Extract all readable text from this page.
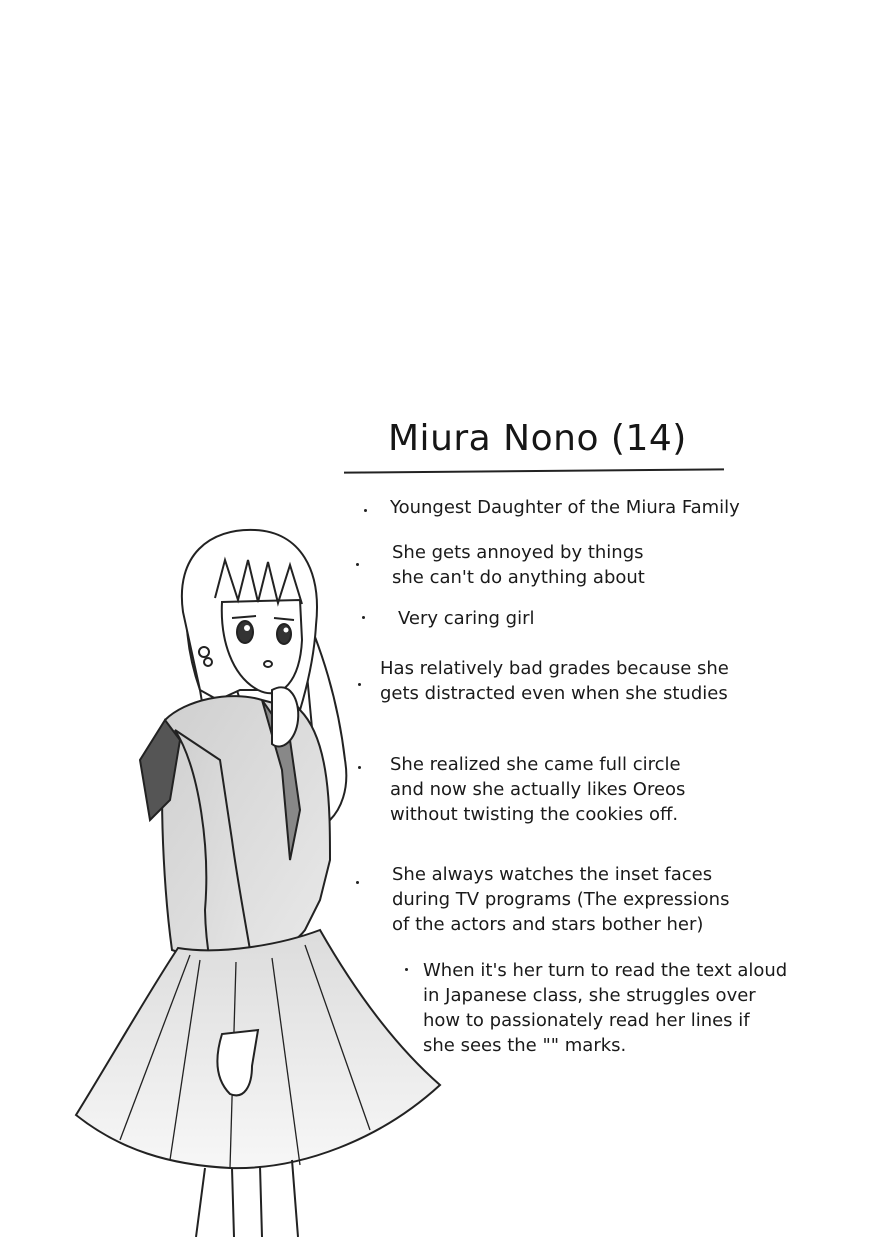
Miura Nono (14)
Youngest Daughter of the Miura Family
She gets annoyed by things
she can't do anything about
Very caring girl
Has relatively bad grades because she
gets distracted even when she studies
She realized she came full circle
and now she actually likes Oreos
without twisting the cookies off.
She always watches the inset faces
during TV programs (The expressions
of the actors and stars bother her)
When it's her turn to read the text aloud
in Japanese class, she struggles over
how to passionately read her lines if
she sees the "" marks.
